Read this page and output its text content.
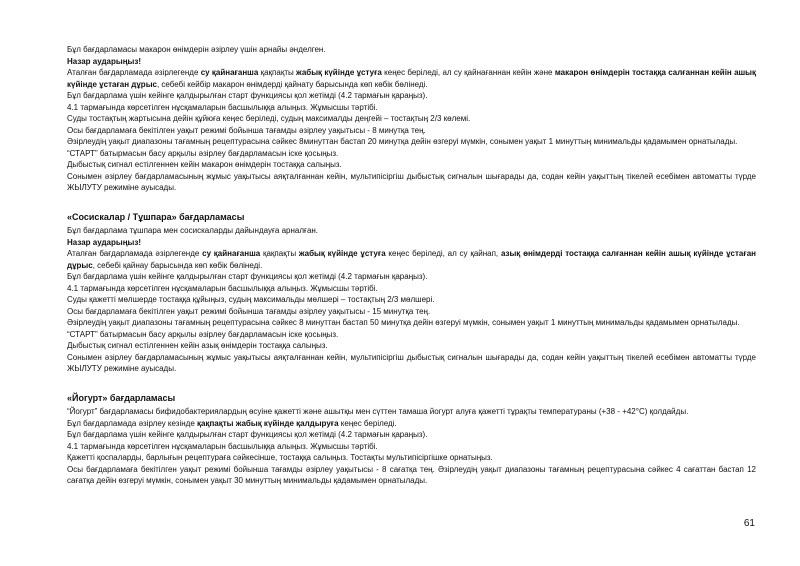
Бұл бағдарламасы макарон өнімдерін әзірлеу үшін арнайы әнделген.

Назар аударыңыз!

Аталған бағдарламада әзірлегенде су қайнағанша қақпақты жабық күйінде ұстуға кеңес беріледі, ал су қайнағаннан кейін және макарон өнімдерін тостаққа салғаннан кейін ашық күйінде ұстаған дұрыс, себебі кейбір макарон өнімдерді қайнату барысында көп көбік бөлінеді.

Бұл бағдарлама үшін кейінге қалдырылған старт функциясы қол жетімді (4.2 тармағын қараңыз).

4.1 тармағында көрсетілген нұсқамаларын басшылыққа алыңыз. Жұмысшы тәртібі.

Суды тостақтың жартысына дейін құйюға кеңес беріледі, судың максималды деңгейі – тостақтың 2/3 көлемі.

Осы бағдарламаға бекітілген уақыт режимі бойынша тағамды әзірлеу уақытысы - 8 минутқа тең.

Әзірлеудің уақыт диапазоны тағамның рецептурасына сәйкес 8минуттан бастап 20 минутқа дейін өзгеруі мүмкін, сонымен уақыт 1 минуттың минимальды қадамымен орнатылады.

“СТАРТ” батырмасын басу арқылы әзірлеу бағдарламасын іске қосыңыз.

Дыбыстық сигнал естілгеннен кейін макарон өнімдерін тостаққа салыңыз.

Сонымен әзірлеу бағдарламасының жұмыс уақытысы аяқталғаннан кейін, мультипісіргіш дыбыстық сигналын шығарады да, содан кейін уақыттың тікелей есебімен автоматты түрде ЖЫЛУТУ режиміне ауысады.

«Сосискалар / Тұшпара» бағдарламасы

Бұл бағдарлама тұшпара мен сосискаларды дайындауға арналған.

Назар аударыңыз!

Аталған бағдарламада әзірлегенде су қайнағанша қақпақты жабық күйінде ұстуға кеңес беріледі, ал су қайнап, азық өнімдерді тостаққа салғаннан кейін ашық күйінде ұстаған дұрыс, себебі қайнау барысында көп көбік бөлінеді.

Бұл бағдарлама үшін кейінге қалдырылған старт функциясы қол жетімді (4.2 тармағын қараңыз).

4.1 тармағында көрсетілген нұсқамаларын басшылыққа алыңыз. Жұмысшы тәртібі.

Суды қажетті мөлшерде тостаққа құйыңыз, судың максимальды мөлшері – тостақтың 2/3 мөлшері.

Осы бағдарламаға бекітілген уақыт режимі бойынша тағамды әзірлеу уақытысы - 15 минутқа тең.

Әзірлеудің уақыт диапазоны тағамның рецептурасына сәйкес 8 минуттан бастап 50 минутқа дейін өзгеруі мүмкін, сонымен уақыт 1 минуттың минимальды қадамымен орнатылады.

“СТАРТ” батырмасын басу арқылы әзірлеу бағдарламасын іске қосыңыз.

Дыбыстық сигнал естілгеннен кейін азық өнімдерін тостаққа салыңыз.

Сонымен әзірлеу бағдарламасының жұмыс уақытысы аяқталғаннан кейін, мультипісіргіш дыбыстық сигналын шығарады да, содан кейін уақыттың тікелей есебімен автоматты түрде ЖЫЛУТУ режиміне ауысады.

«Йогурт» бағдарламасы

“Йогурт” бағдарламасы бифидобактериялардың өсуіне қажетті және ашытқы мен сүттен тамаша йогурт алуға қажетті тұрақты температураны (+38 - +42°С) қолдайды.

Бұл бағдарламада әзірлеу кезінде қақпақты жабық күйінде қалдыруға кеңес беріледі.

Бұл бағдарлама үшін кейінге қалдырылған старт функциясы қол жетімді (4.2 тармағын қараңыз).

4.1 тармағында көрсетілген нұсқамаларын басшылыққа алыңыз. Жұмысшы тәртібі.

Қажетті қоспаларды, барлығын рецептураға сәйкесінше, тостаққа салыңыз. Тостақты мультипісіргішке орнатыңыз.

Осы бағдарламаға бекітілген уақыт режимі бойынша тағамды әзірлеу уақытысы - 8 сағатқа тең. Әзірлеудің уақыт диапазоны тағамның рецептурасына сәйкес 4 сағаттан бастап 12 сағатқа дейін өзгеруі мүмкін, сонымен уақыт 30 минуттың минимальды қадамымен орнатылады.

61
